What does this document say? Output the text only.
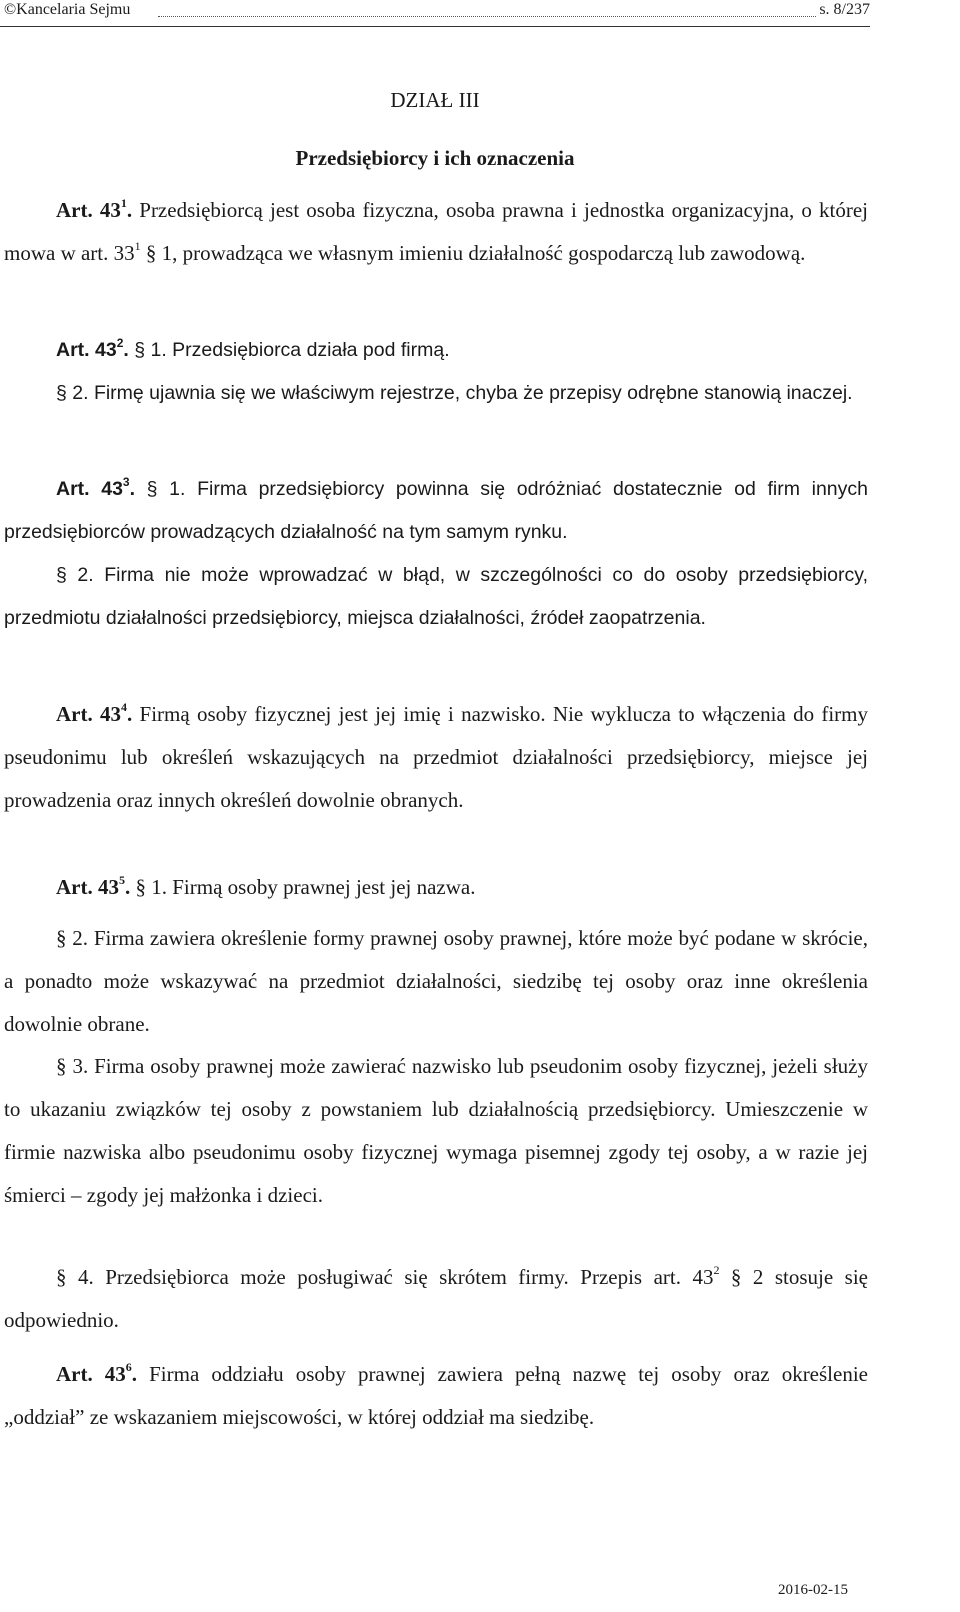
©Kancelaria Sejmu	s. 8/237
DZIAŁ III
Przedsiębiorcy i ich oznaczenia
Art. $43^1$. Przedsiębiorcą jest osoba fizyczna, osoba prawna i jednostka organizacyjna, o której mowa w art. $33^1$ § 1, prowadząca we własnym imieniu działalność gospodarczą lub zawodową.
Art. $43^2$. § 1. Przedsiębiorca działa pod firmą.
§ 2. Firmę ujawnia się we właściwym rejestrze, chyba że przepisy odrębne stanowią inaczej.
Art. $43^3$. § 1. Firma przedsiębiorcy powinna się odróżniać dostatecznie od firm innych przedsiębiorców prowadzących działalność na tym samym rynku.
§ 2. Firma nie może wprowadzać w błąd, w szczególności co do osoby przedsiębiorcy, przedmiotu działalności przedsiębiorcy, miejsca działalności, źródeł zaopatrzenia.
Art. $43^4$. Firmą osoby fizycznej jest jej imię i nazwisko. Nie wyklucza to włączenia do firmy pseudonimu lub określeń wskazujących na przedmiot działalności przedsiębiorcy, miejsce jej prowadzenia oraz innych określeń dowolnie obranych.
Art. $43^5$. § 1. Firmą osoby prawnej jest jej nazwa.
§ 2. Firma zawiera określenie formy prawnej osoby prawnej, które może być podane w skrócie, a ponadto może wskazywać na przedmiot działalności, siedzibę tej osoby oraz inne określenia dowolnie obrane.
§ 3. Firma osoby prawnej może zawierać nazwisko lub pseudonim osoby fizycznej, jeżeli służy to ukazaniu związków tej osoby z powstaniem lub działalnością przedsiębiorcy. Umieszczenie w firmie nazwiska albo pseudonimu osoby fizycznej wymaga pisemnej zgody tej osoby, a w razie jej śmierci – zgody jej małżonka i dzieci.
§ 4. Przedsiębiorca może posługiwać się skrótem firmy. Przepis art. $43^2$ § 2 stosuje się odpowiednio.
Art. $43^6$. Firma oddziału osoby prawnej zawiera pełną nazwę tej osoby oraz określenie „oddział” ze wskazaniem miejscowości, w której oddział ma siedzibę.
2016-02-15
